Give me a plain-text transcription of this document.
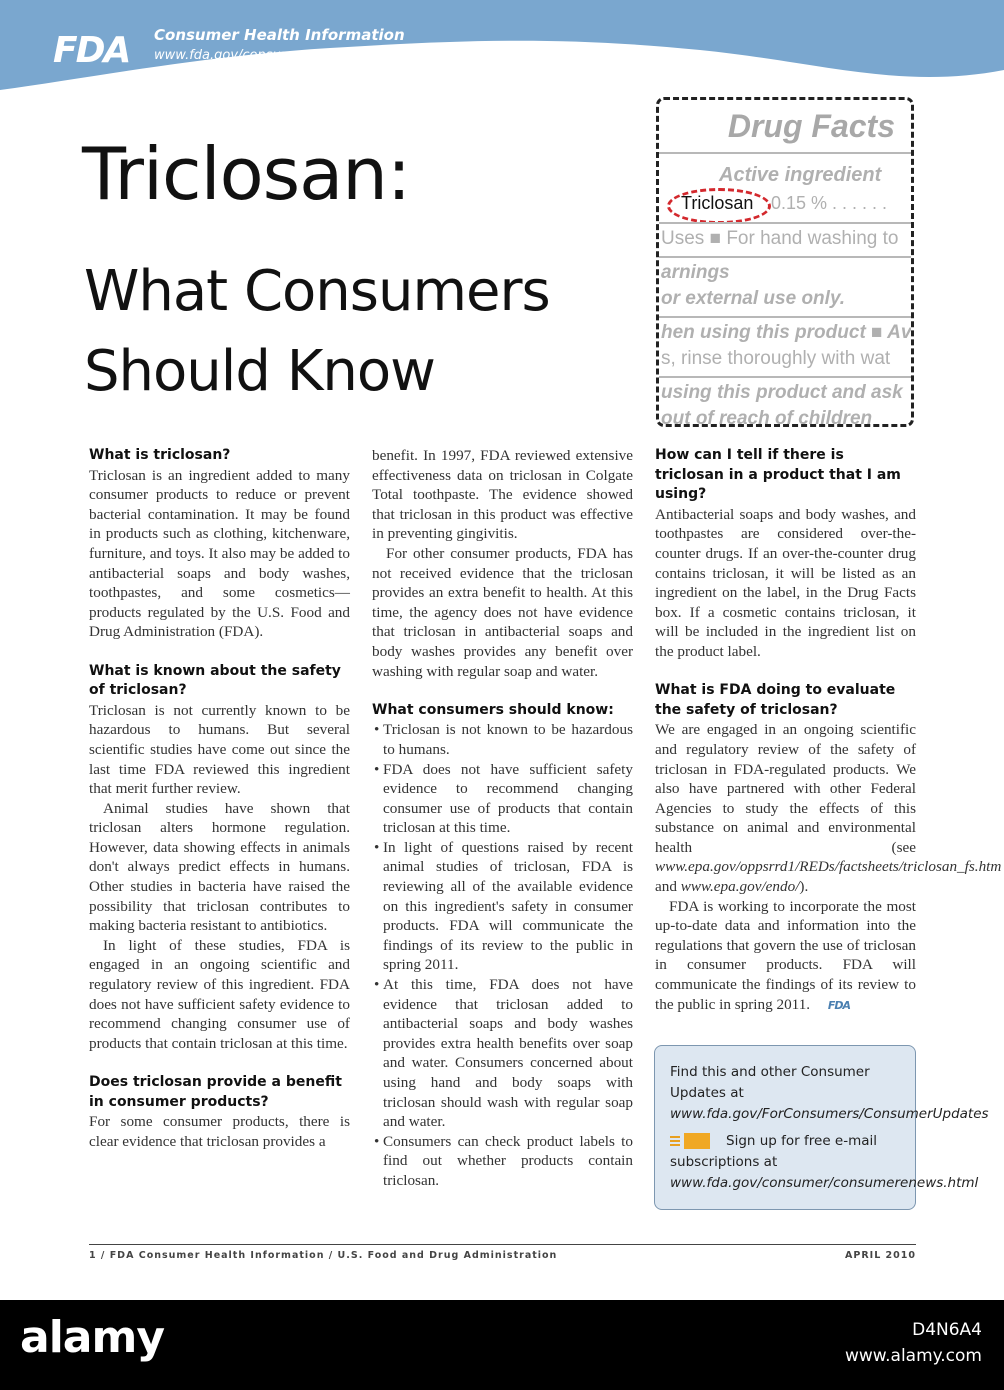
FDA Consumer Health Information
www.fda.gov/consumer
Triclosan:
What Consumers Should Know
Drug Facts
Active ingredient
Triclosan 0.15 % . . . . . .
Uses ■ For hand washing to
arnings
or external use only.
hen using this product ■ Av
s, rinse thoroughly with wat
using this product and ask
out of reach of children
What is triclosan?

Triclosan is an ingredient added to many consumer products to reduce or prevent bacterial contamination. It may be found in products such as clothing, kitchenware, furniture, and toys. It also may be added to antibacterial soaps and body washes, toothpastes, and some cosmetics—products regulated by the U.S. Food and Drug Administration (FDA).

What is known about the safety of triclosan?

Triclosan is not currently known to be hazardous to humans. But several scientific studies have come out since the last time FDA reviewed this ingredient that merit further review.

Animal studies have shown that triclosan alters hormone regulation. However, data showing effects in animals don't always predict effects in humans. Other studies in bacteria have raised the possibility that triclosan contributes to making bacteria resistant to antibiotics.

In light of these studies, FDA is engaged in an ongoing scientific and regulatory review of this ingredient. FDA does not have sufficient safety evidence to recommend changing consumer use of products that contain triclosan at this time.

Does triclosan provide a benefit in consumer products?

For some consumer products, there is clear evidence that triclosan provides a

benefit. In 1997, FDA reviewed extensive effectiveness data on triclosan in Colgate Total toothpaste. The evidence showed that triclosan in this product was effective in preventing gingivitis.

For other consumer products, FDA has not received evidence that the triclosan provides an extra benefit to health. At this time, the agency does not have evidence that triclosan in antibacterial soaps and body washes provides any benefit over washing with regular soap and water.

What consumers should know:
• Triclosan is not known to be hazardous to humans.
• FDA does not have sufficient safety evidence to recommend changing consumer use of products that contain triclosan at this time.
• In light of questions raised by recent animal studies of triclosan, FDA is reviewing all of the available evidence on this ingredient's safety in consumer products. FDA will communicate the findings of its review to the public in spring 2011.
• At this time, FDA does not have evidence that triclosan added to antibacterial soaps and body washes provides extra health benefits over soap and water. Consumers concerned about using hand and body soaps with triclosan should wash with regular soap and water.
• Consumers can check product labels to find out whether products contain triclosan.
How can I tell if there is triclosan in a product that I am using?

Antibacterial soaps and body washes, and toothpastes are considered over-the-counter drugs. If an over-the-counter drug contains triclosan, it will be listed as an ingredient on the label, in the Drug Facts box. If a cosmetic contains triclosan, it will be included in the ingredient list on the product label.

What is FDA doing to evaluate the safety of triclosan?

We are engaged in an ongoing scientific and regulatory review of the safety of triclosan in FDA-regulated products. We also have partnered with other Federal Agencies to study the effects of this substance on animal and environmental health (see www.epa.gov/oppsrrd1/REDs/factsheets/triclosan_fs.htm and www.epa.gov/endo/).

FDA is working to incorporate the most up-to-date data and information into the regulations that govern the use of triclosan in consumer products. FDA will communicate the findings of its review to the public in spring 2011. FDA

Find this and other Consumer Updates at www.fda.gov/ForConsumers/ConsumerUpdates
Sign up for free e-mail subscriptions at www.fda.gov/consumer/consumerenews.html
1 / FDA Consumer Health Information / U.S. Food and Drug Administration	APRIL 2010
alamy	D4N6A4
www.alamy.com
